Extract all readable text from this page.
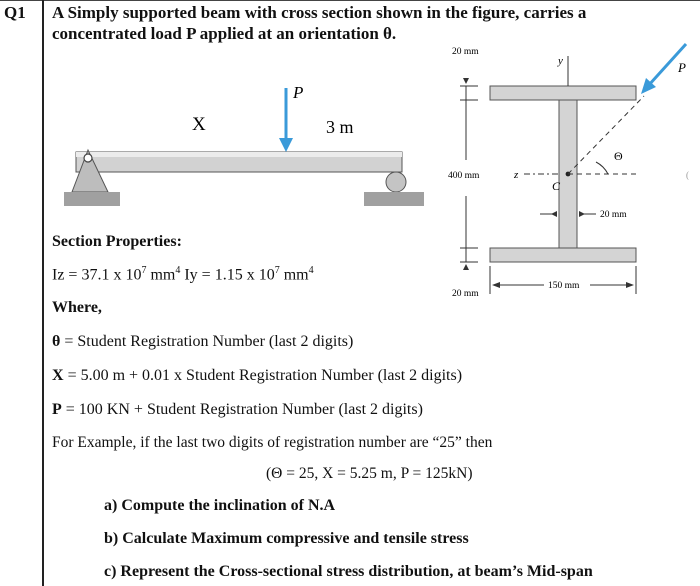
Q1 A Simply supported beam with cross section shown in the figure, carries a
concentrated load P applied at an orientation θ.
P
X	3 m
20 mm
400 mm
20 mm
z
y
C
Θ
P
(
20 mm
150 mm
Section Properties:
Iz = 37.1 x $10^7$ $mm^4$ Iy = 1.15 x $10^7$ $mm^4$
Where,
θ = Student Registration Number (last 2 digits)
X = 5.00 m + 0.01 x Student Registration Number (last 2 digits)
P = 100 KN + Student Registration Number (last 2 digits)
For Example, if the last two digits of registration number are “25” then
(Θ = 25, X = 5.25 m, P = 125kN)
a) Compute the inclination of N.A
b) Calculate Maximum compressive and tensile stress
c) Represent the Cross-sectional stress distribution, at beam’s Mid-span
